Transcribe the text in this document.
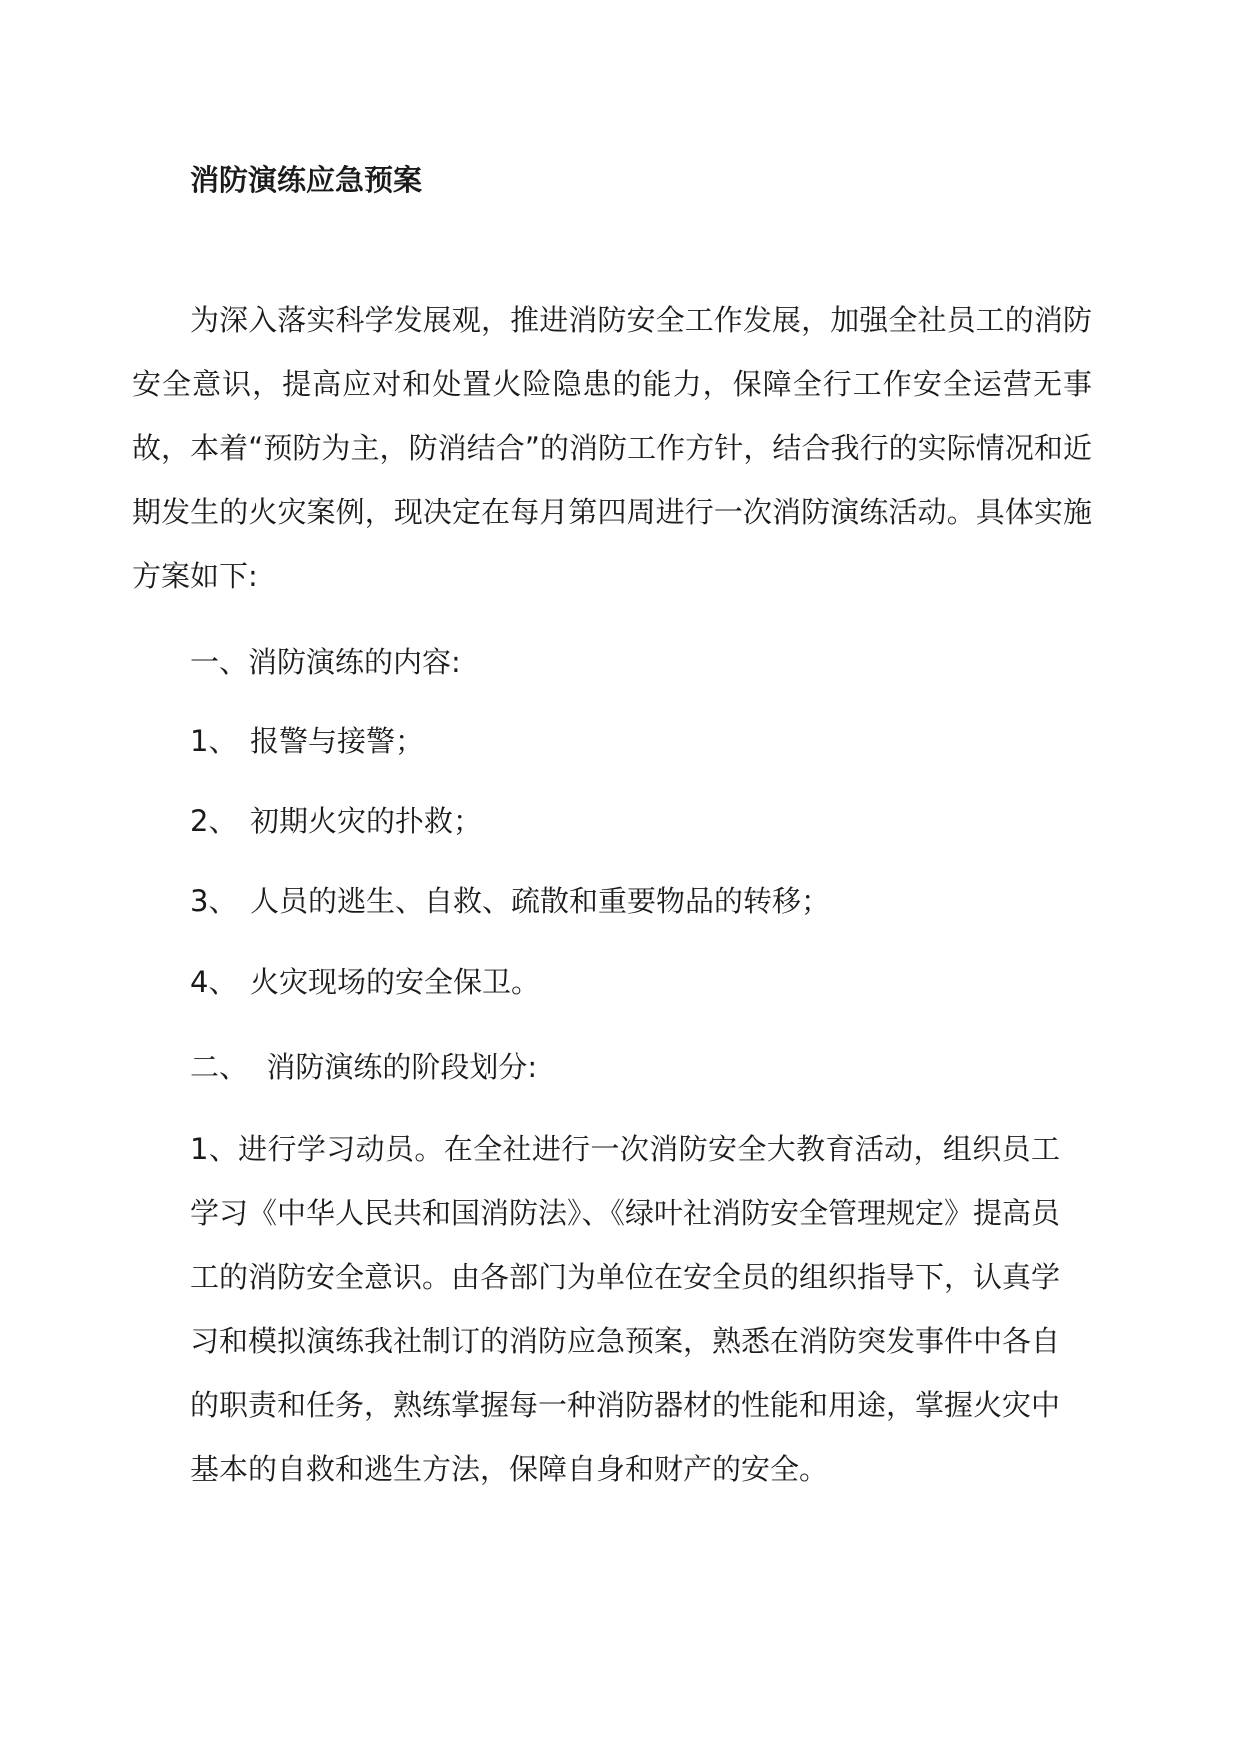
消防演练应急预案

为深入落实科学发展观，推进消防安全工作发展，加强全社员工的消防安全意识，提高应对和处置火险隐患的能力，保障全行工作安全运营无事故，本着“预防为主，防消结合”的消防工作方针，结合我行的实际情况和近期发生的火灾案例，现决定在每月第四周进行一次消防演练活动。具体实施方案如下:

一、消防演练的内容:
1、 报警与接警；
2、 初期火灾的扑救；
3、 人员的逃生、自救、疏散和重要物品的转移；
4、 火灾现场的安全保卫。
二、  消防演练的阶段划分:

1、进行学习动员。在全社进行一次消防安全大教育活动，组织员工学习《中华人民共和国消防法》、《绿叶社消防安全管理规定》提高员工的消防安全意识。由各部门为单位在安全员的组织指导下，认真学习和模拟演练我社制订的消防应急预案，熟悉在消防突发事件中各自的职责和任务，熟练掌握每一种消防器材的性能和用途，掌握火灾中基本的自救和逃生方法，保障自身和财产的安全。
